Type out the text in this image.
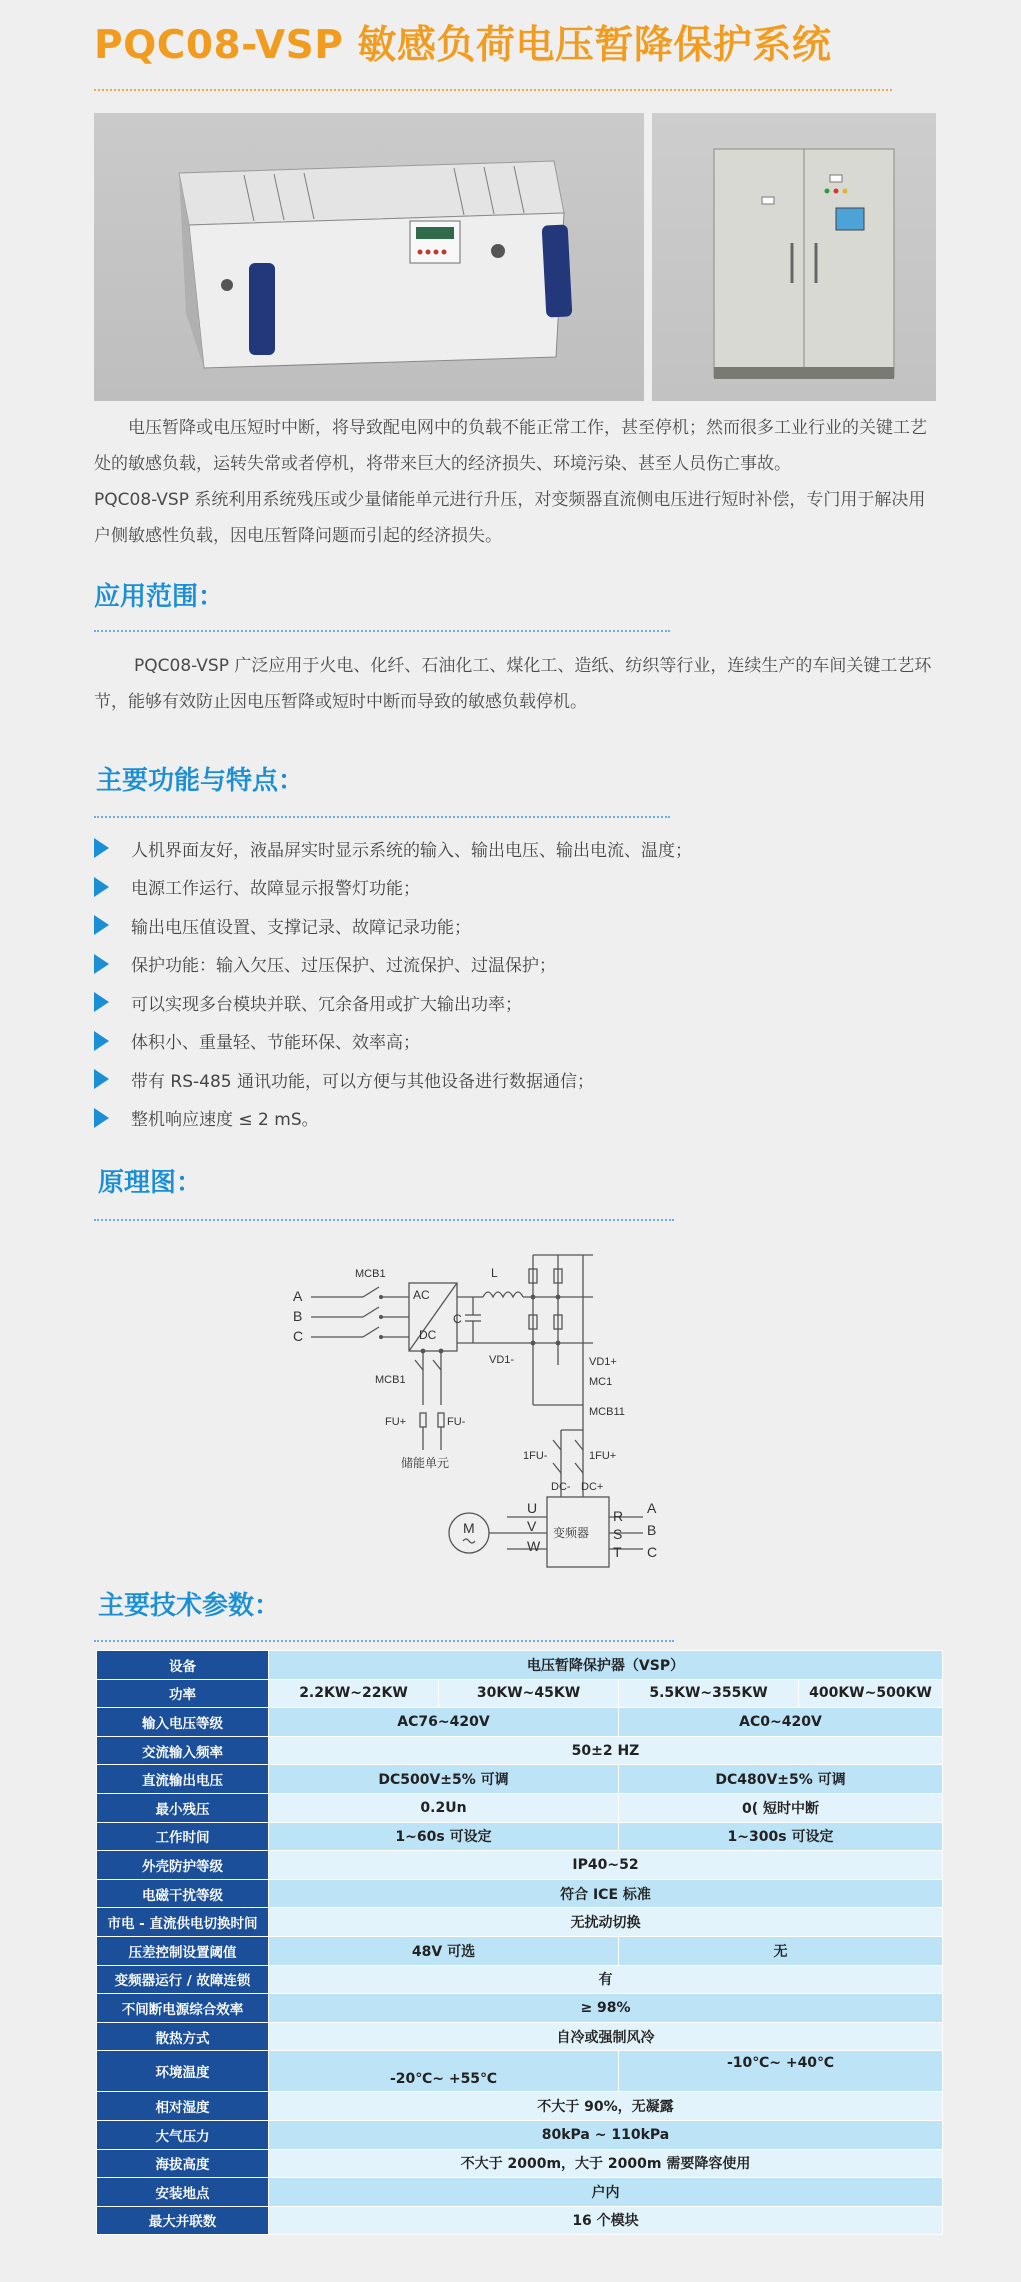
PQC08-VSP 敏感负荷电压暂降保护系统

电压暂降或电压短时中断，将导致配电网中的负载不能正常工作，甚至停机；然而很多工业行业的关键工艺处的敏感负载，运转失常或者停机，将带来巨大的经济损失、环境污染、甚至人员伤亡事故。

PQC08-VSP 系统利用系统残压或少量储能单元进行升压，对变频器直流侧电压进行短时补偿，专门用于解决用户侧敏感性负载，因电压暂降问题而引起的经济损失。

应用范围：

PQC08-VSP 广泛应用于火电、化纤、石油化工、煤化工、造纸、纺织等行业，连续生产的车间关键工艺环节，能够有效防止因电压暂降或短时中断而导致的敏感负载停机。

主要功能与特点：
人机界面友好，液晶屏实时显示系统的输入、输出电压、输出电流、温度；
电源工作运行、故障显示报警灯功能；
输出电压值设置、支撑记录、故障记录功能；
保护功能：输入欠压、过压保护、过流保护、过温保护；
可以实现多台模块并联、冗余备用或扩大输出功率；
体积小、重量轻、节能环保、效率高；
带有 RS-485 通讯功能，可以方便与其他设备进行数据通信；
整机响应速度 ≤ 2 mS。
原理图：
A
B
C
MCB1
AC
DC
L
C
VD1-	VD1+
MC1
MCB11
MCB1
FU+	FU-
储能单元	1FU-	1FU+
DC- DC+
U
V
W
M	变频器
R
S
T
A
B
C
主要技术参数：
设备	电压暂降保护器（VSP）			
功率	2.2KW~22KW	30KW~45KW	5.5KW~355KW	400KW~500KW
输入电压等级	AC76~420V		AC0~420V	
交流输入频率	50±2 HZ			
直流输出电压	DC500V±5% 可调		DC480V±5% 可调	
最小残压	0.2Un		0( 短时中断	
工作时间	1~60s 可设定		1~300s 可设定	
外壳防护等级	IP40~52			
电磁干扰等级	符合 ICE 标准			
市电 - 直流供电切换时间	无扰动切换			
压差控制设置阈值	48V 可选		无	
变频器运行 / 故障连锁	有			
不间断电源综合效率	≥ 98%			
散热方式	自冷或强制风冷			
环境温度	-20℃~ +55℃		-10℃~ +40℃	
相对湿度	不大于 90%，无凝露			
大气压力	80kPa ~ 110kPa			
海拔高度	不大于 2000m，大于 2000m 需要降容使用			
安装地点	户内			
最大并联数	16 个模块			
